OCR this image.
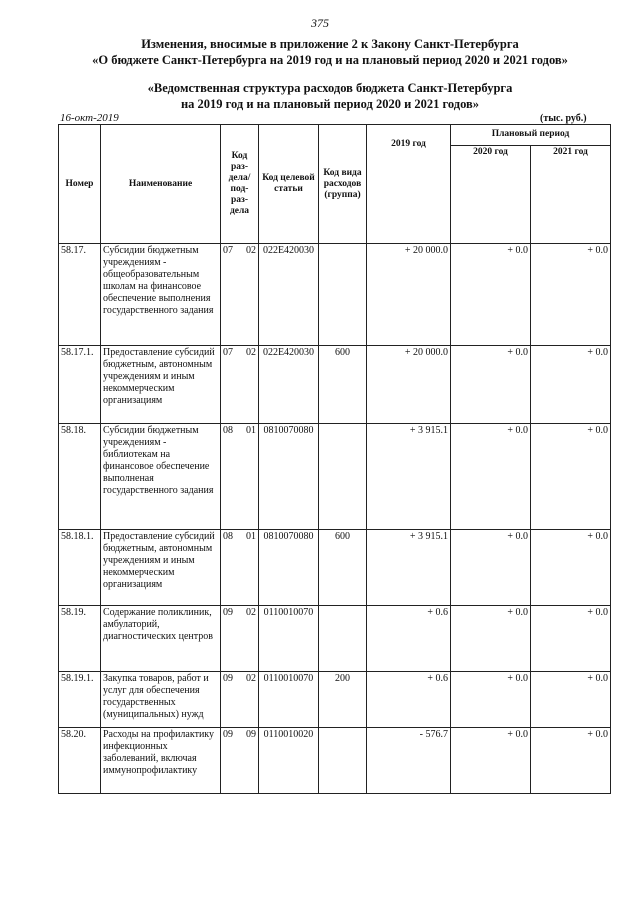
375
Изменения, вносимые в приложение 2 к Закону Санкт-Петербурга
«О бюджете Санкт-Петербурга на 2019 год и на плановый период 2020 и 2021 годов»
«Ведомственная структура расходов бюджета Санкт-Петербурга
на 2019 год и на плановый период 2020 и 2021 годов»
16-окт-2019	(тыс. руб.)
Номер	Наименование	Код раз-дела/ под-раз-дела	Код целевой статьи	Код вида расходов (группа)	2019 год	Плановый период	
						2020 год	2021 год
58.17.	Субсидии бюджетным учреждениям - общеобразовательным школам на финансовое обеспечение выполнения государственного задания	07 02	022Е420030		+ 20 000.0	+ 0.0	+ 0.0
58.17.1.	Предоставление субсидий бюджетным, автономным учреждениям и иным некоммерческим организациям	07 02	022Е420030	600	+ 20 000.0	+ 0.0	+ 0.0
58.18.	Субсидии бюджетным учреждениям - библиотекам на финансовое обеспечение выполненая государственного задания	08 01	0810070080		+ 3 915.1	+ 0.0	+ 0.0
58.18.1.	Предоставление субсидий бюджетным, автономным учреждениям и иным некоммерческим организациям	08 01	0810070080	600	+ 3 915.1	+ 0.0	+ 0.0
58.19.	Содержание поликлиник, амбулаторий, диагностических центров	09 02	0110010070		+ 0.6	+ 0.0	+ 0.0
58.19.1.	Закупка товаров, работ и услуг для обеспечения государственных (муниципальных) нужд	09 02	0110010070	200	+ 0.6	+ 0.0	+ 0.0
58.20.	Расходы на профилактику инфекционных заболеваний, включая иммунопрофилактику	09 09	0110010020		- 576.7	+ 0.0	+ 0.0
